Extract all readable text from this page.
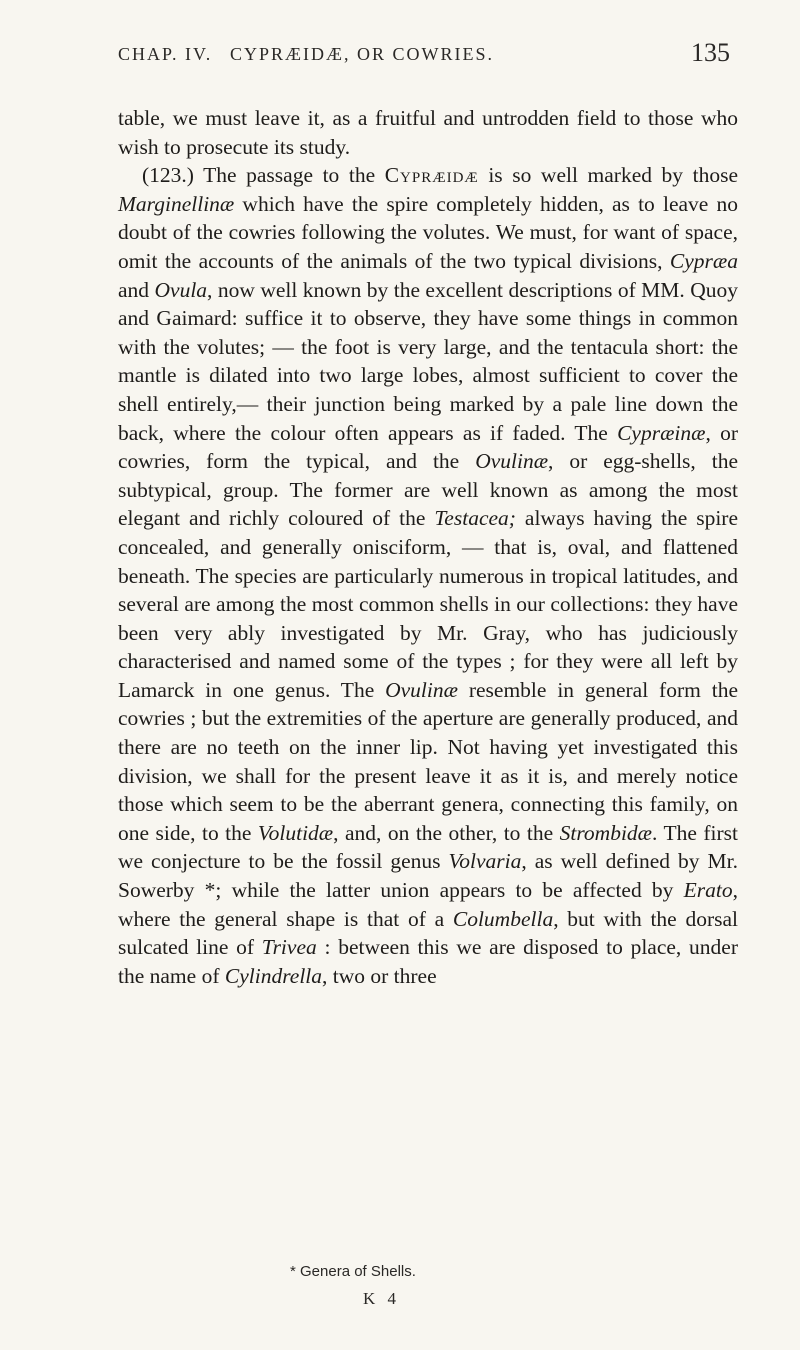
CHAP. IV. CYPRÆIDÆ, OR COWRIES.	135

table, we must leave it, as a fruitful and untrodden field to those who wish to prosecute its study.

(123.) The passage to the Cypræidæ is so well marked by those Marginellinæ which have the spire completely hidden, as to leave no doubt of the cowries following the volutes. We must, for want of space, omit the accounts of the animals of the two typical divisions, Cypræa and Ovula, now well known by the excellent descriptions of MM. Quoy and Gaimard: suffice it to observe, they have some things in common with the volutes; — the foot is very large, and the tentacula short: the mantle is dilated into two large lobes, almost sufficient to cover the shell entirely,— their junction being marked by a pale line down the back, where the colour often appears as if faded. The Cypræinæ, or cowries, form the typical, and the Ovulinæ, or egg-shells, the subtypical, group. The former are well known as among the most elegant and richly coloured of the Testacea; always having the spire concealed, and generally onisciform, — that is, oval, and flattened beneath. The species are particularly numerous in tropical latitudes, and several are among the most common shells in our collections: they have been very ably investigated by Mr. Gray, who has judiciously characterised and named some of the types ; for they were all left by Lamarck in one genus. The Ovulinæ resemble in general form the cowries ; but the extremities of the aperture are generally produced, and there are no teeth on the inner lip. Not having yet investigated this division, we shall for the present leave it as it is, and merely notice those which seem to be the aberrant genera, connecting this family, on one side, to the Volutidæ, and, on the other, to the Strombidæ. The first we conjecture to be the fossil genus Volvaria, as well defined by Mr. Sowerby *; while the latter union appears to be affected by Erato, where the general shape is that of a Columbella, but with the dorsal sulcated line of Trivea : between this we are disposed to place, under the name of Cylindrella, two or three

* Genera of Shells.
K 4
